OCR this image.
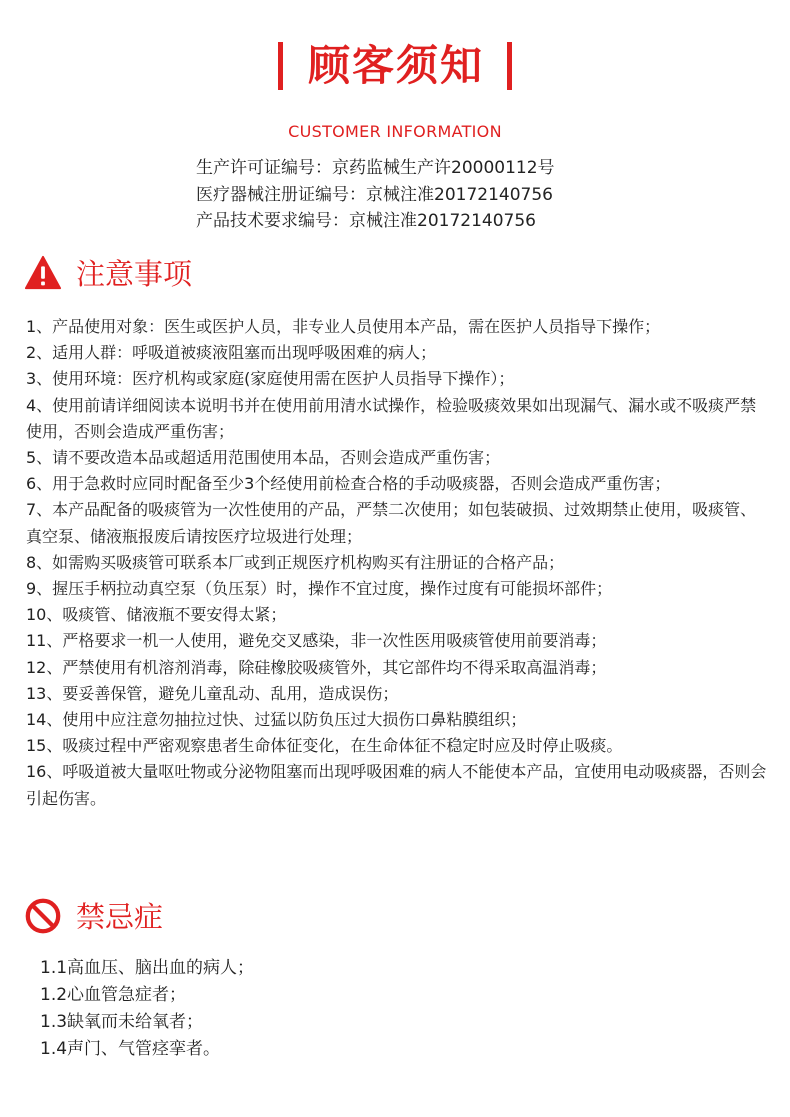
顾客须知
CUSTOMER INFORMATION
生产许可证编号：京药监械生产许20000112号
医疗器械注册证编号：京械注准20172140756
产品技术要求编号：京械注准20172140756
注意事项
1、产品使用对象：医生或医护人员，非专业人员使用本产品，需在医护人员指导下操作；
2、适用人群：呼吸道被痰液阻塞而出现呼吸困难的病人；
3、使用环境：医疗机构或家庭(家庭使用需在医护人员指导下操作）；
4、使用前请详细阅读本说明书并在使用前用清水试操作，检验吸痰效果如出现漏气、漏水或不吸痰严禁使用，否则会造成严重伤害；
5、请不要改造本品或超适用范围使用本品，否则会造成严重伤害；
6、用于急救时应同时配备至少3个经使用前检查合格的手动吸痰器，否则会造成严重伤害；
7、本产品配备的吸痰管为一次性使用的产品，严禁二次使用；如包装破损、过效期禁止使用，吸痰管、真空泵、储液瓶报废后请按医疗垃圾进行处理；
8、如需购买吸痰管可联系本厂或到正规医疗机构购买有注册证的合格产品；
9、握压手柄拉动真空泵（负压泵）时，操作不宜过度，操作过度有可能损坏部件；
10、吸痰管、储液瓶不要安得太紧；
11、严格要求一机一人使用，避免交叉感染，非一次性医用吸痰管使用前要消毒；
12、严禁使用有机溶剂消毒，除硅橡胶吸痰管外，其它部件均不得采取高温消毒；
13、要妥善保管，避免儿童乱动、乱用，造成误伤；
14、使用中应注意勿抽拉过快、过猛以防负压过大损伤口鼻粘膜组织；
15、吸痰过程中严密观察患者生命体征变化，在生命体征不稳定时应及时停止吸痰。
16、呼吸道被大量呕吐物或分泌物阻塞而出现呼吸困难的病人不能使本产品，宜使用电动吸痰器，否则会引起伤害。
禁忌症
1.1高血压、脑出血的病人；
1.2心血管急症者；
1.3缺氧而未给氧者；
1.4声门、气管痉挛者。
